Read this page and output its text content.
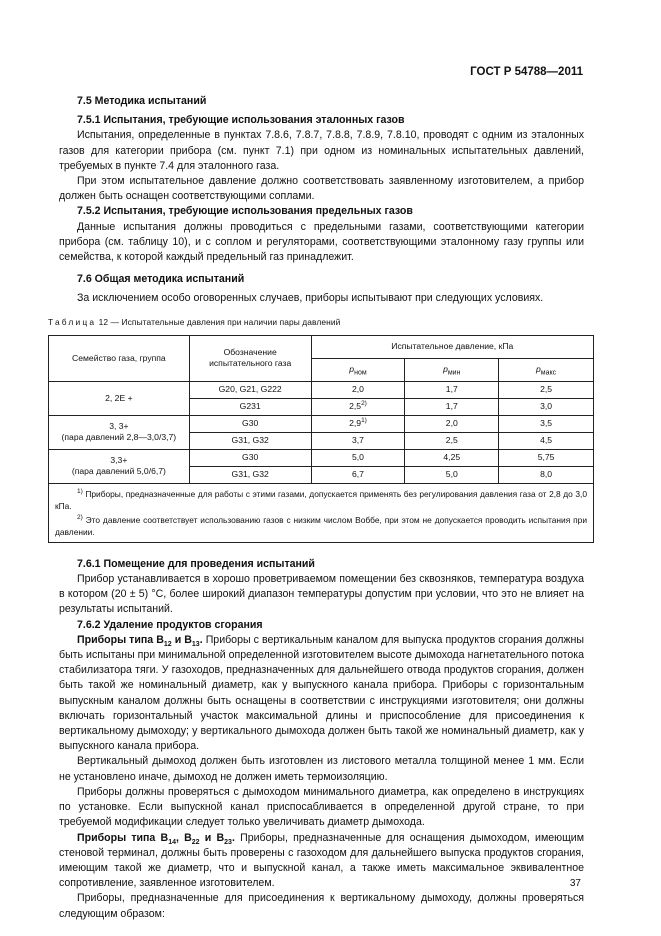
ГОСТ Р 54788—2011

7.5 Методика испытаний

7.5.1 Испытания, требующие использования эталонных газов

Испытания, определенные в пунктах 7.8.6, 7.8.7, 7.8.8, 7.8.9, 7.8.10, проводят с одним из эталонных газов для категории прибора (см. пункт 7.1) при одном из номинальных испытательных давлений, требуемых в пункте 7.4 для эталонного газа.

При этом испытательное давление должно соответствовать заявленному изготовителем, а прибор должен быть оснащен соответствующими соплами.

7.5.2 Испытания, требующие использования предельных газов

Данные испытания должны проводиться с предельными газами, соответствующими категории прибора (см. таблицу 10), и с соплом и регуляторами, соответствующими эталонному газу группы или семейства, к которой каждый предельный газ принадлежит.

7.6 Общая методика испытаний

За исключением особо оговоренных случаев, приборы испытывают при следующих условиях.

Таблица 12 — Испытательные давления при наличии пары давлений
Семейство газа, группа	Обозначение испытательного газа	Испытательное давление, кПа		
		$p_{ном}$	$p_{мин}$	$p_{макс}$
2, 2E +	G20, G21, G222	2,0	1,7	2,5
	G231	2,5$^{2)}$	1,7	3,0
3, 3+
(пара давлений 2,8—3,0/3,7)	G30	2,9$^{1)}$	2,0	3,5
	G31, G32	3,7	2,5	4,5
3,3+
(пара давлений 5,0/6,7)	G30	5,0	4,25	5,75
	G31, G32	6,7	5,0	8,0

$^{1)}$ Приборы, предназначенные для работы с этими газами, допускается применять без регулирования давления газа от 2,8 до 3,0 кПа.

$^{2)}$ Это давление соответствует использованию газов с низким числом Воббе, при этом не допускается проводить испытания при давлении.				

7.6.1 Помещение для проведения испытаний

Прибор устанавливается в хорошо проветриваемом помещении без сквозняков, температура воздуха в котором (20 ± 5) °С, более широкий диапазон температуры допустим при условии, что это не влияет на результаты испытаний.

7.6.2 Удаление продуктов сгорания

Приборы типа $B_{12}$ и $B_{13}$. Приборы с вертикальным каналом для выпуска продуктов сгорания должны быть испытаны при минимальной определенной изготовителем высоте дымохода нагнетательного потока стабилизатора тяги. У газоходов, предназначенных для дальнейшего отвода продуктов сгорания, должен быть такой же номинальный диаметр, как у выпускного канала прибора. Приборы с горизонтальным выпускным каналом должны быть оснащены в соответствии с инструкциями изготовителя; они должны включать горизонтальный участок максимальной длины и приспособление для присоединения к вертикальному дымоходу; у вертикального дымохода должен быть такой же номинальный диаметр, как у выпускного канала прибора.

Вертикальный дымоход должен быть изготовлен из листового металла толщиной менее 1 мм. Если не установлено иначе, дымоход не должен иметь термоизоляцию.

Приборы должны проверяться с дымоходом минимального диаметра, как определено в инструкциях по установке. Если выпускной канал приспосабливается в определенной другой стране, то при требуемой модификации следует только увеличивать диаметр дымохода.

Приборы типа $B_{14}$, $B_{22}$ и $B_{23}$. Приборы, предназначенные для оснащения дымоходом, имеющим стеновой терминал, должны быть проверены с газоходом для дальнейшего выпуска продуктов сгорания, имеющим такой же диаметр, что и выпускной канал, а также иметь максимальное эквивалентное сопротивление, заявленное изготовителем.

Приборы, предназначенные для присоединения к вертикальному дымоходу, должны проверяться следующим образом:

37
